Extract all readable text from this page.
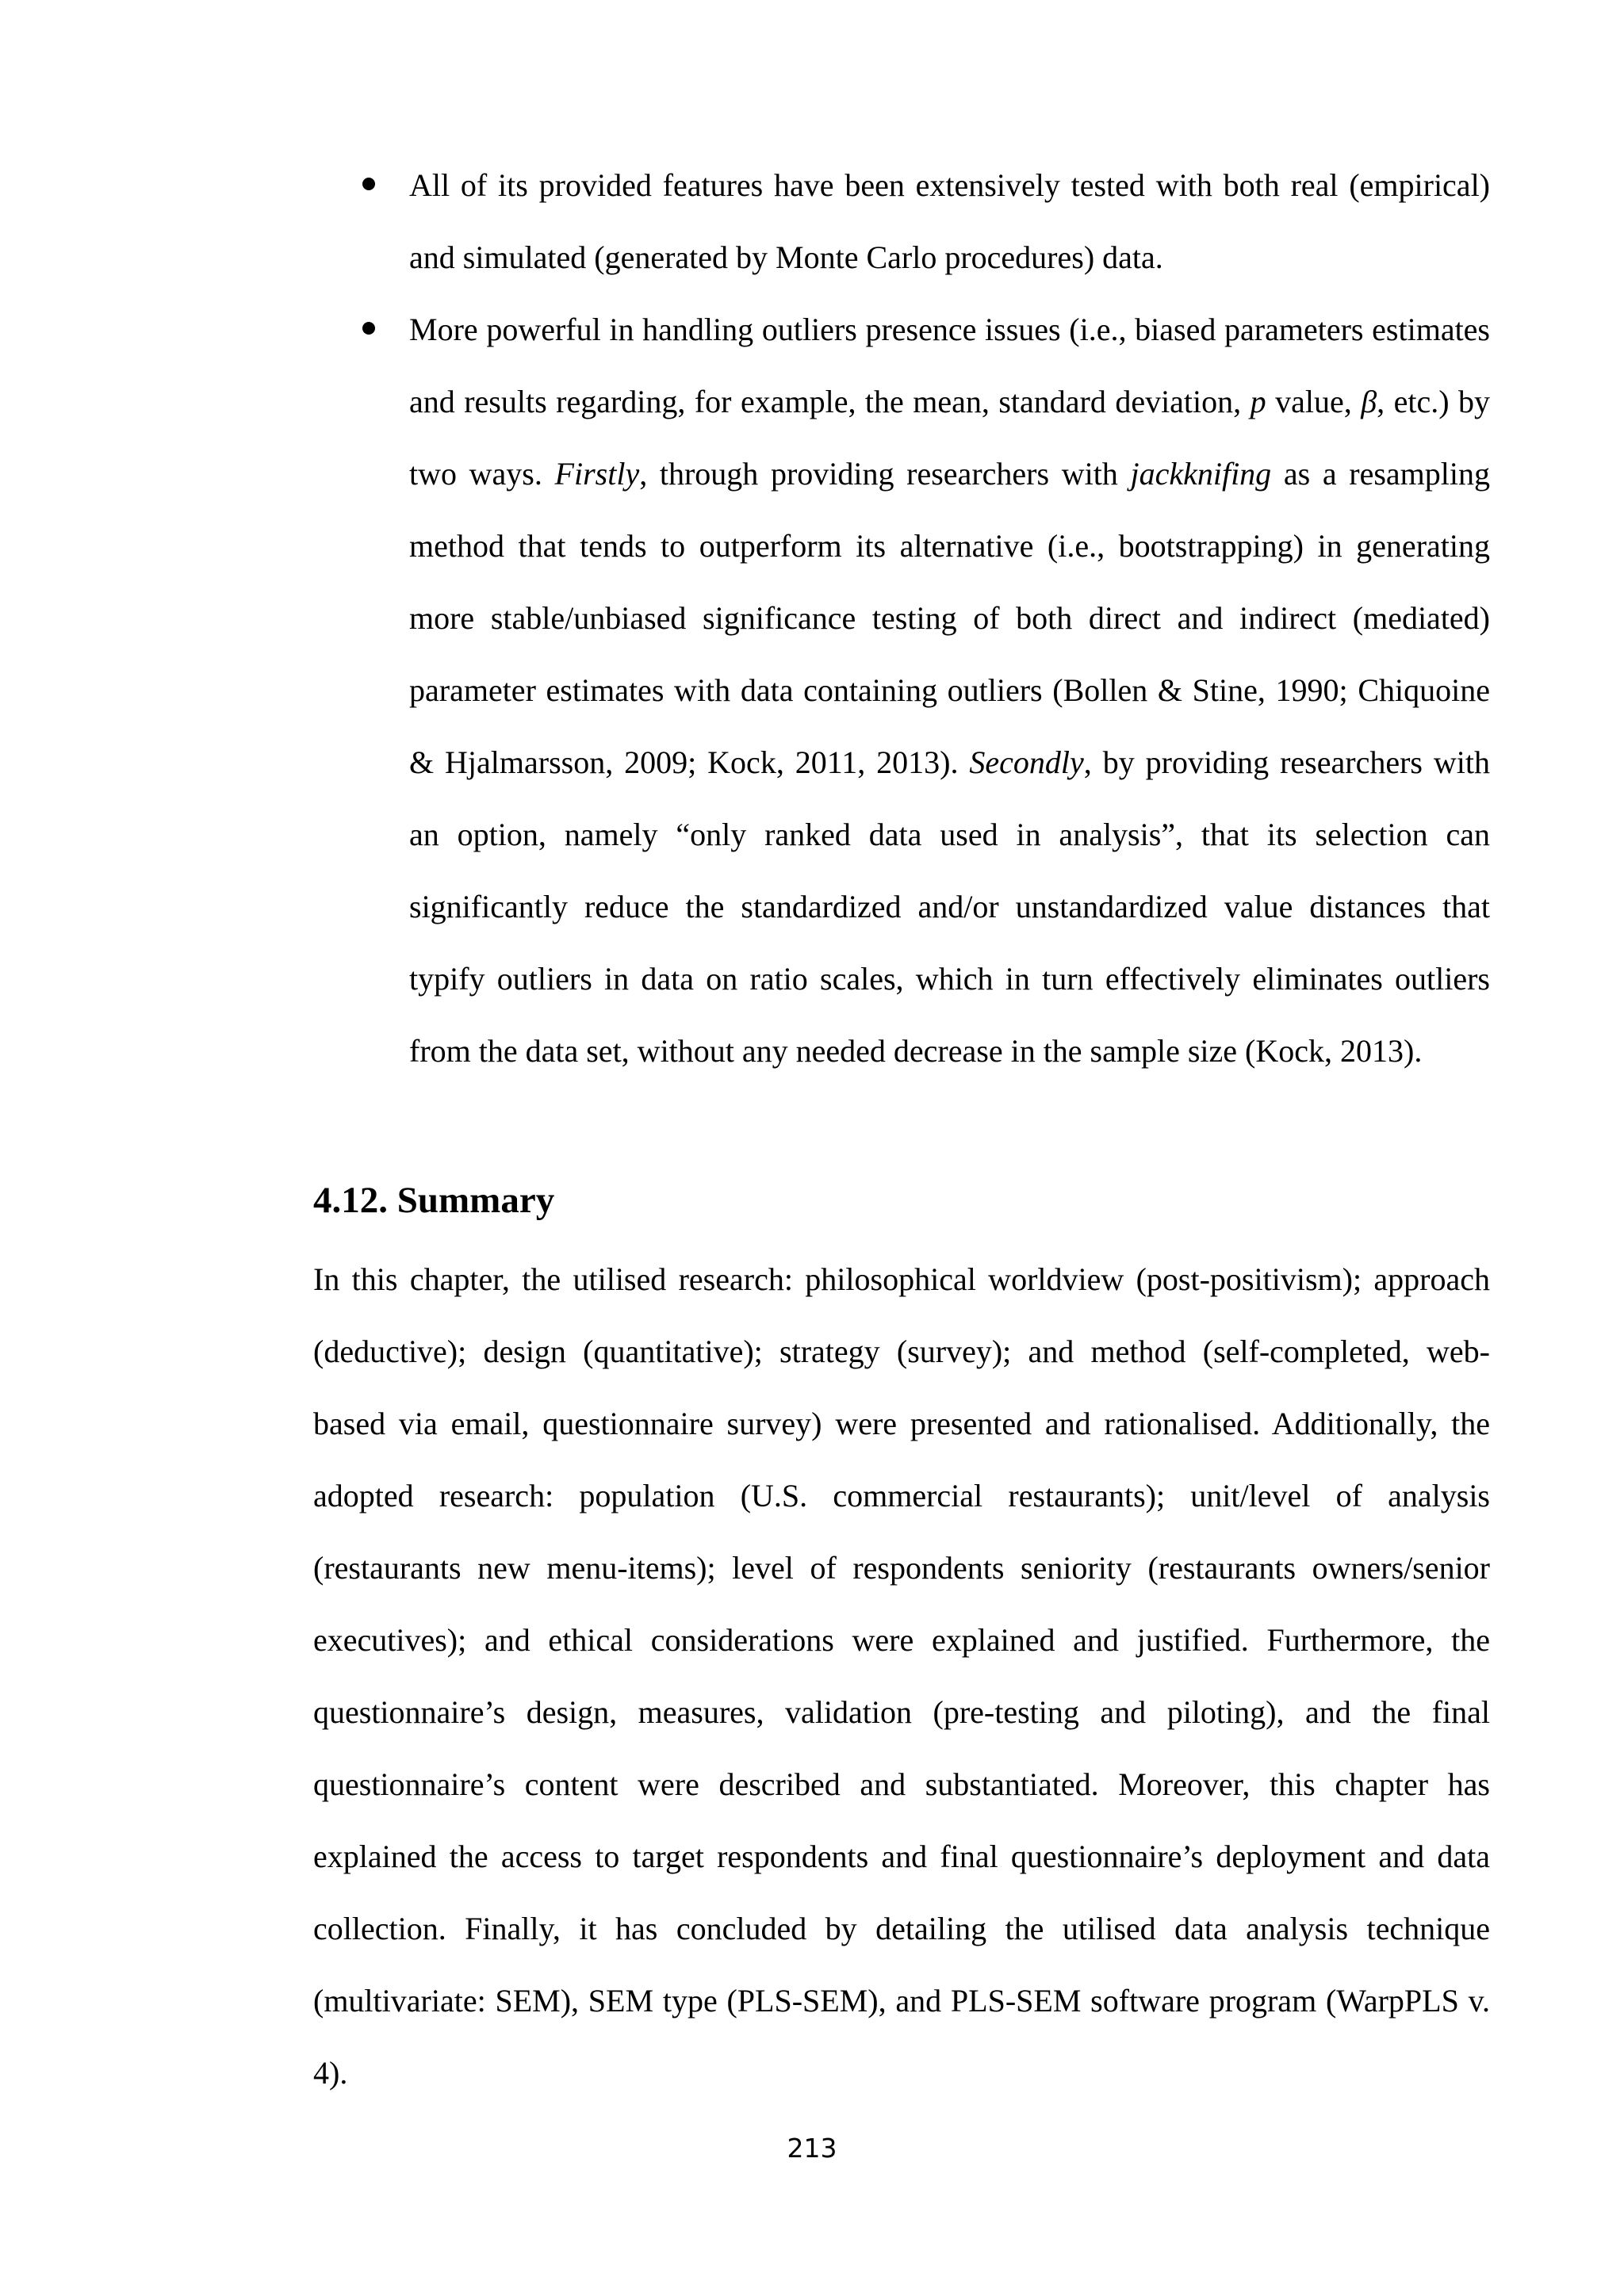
All of its provided features have been extensively tested with both real (empirical) and simulated (generated by Monte Carlo procedures) data.
More powerful in handling outliers presence issues (i.e., biased parameters estimates and results regarding, for example, the mean, standard deviation, p value, β, etc.) by two ways. Firstly, through providing researchers with jackknifing as a resampling method that tends to outperform its alternative (i.e., bootstrapping) in generating more stable/unbiased significance testing of both direct and indirect (mediated) parameter estimates with data containing outliers (Bollen & Stine, 1990; Chiquoine & Hjalmarsson, 2009; Kock, 2011, 2013). Secondly, by providing researchers with an option, namely “only ranked data used in analysis”, that its selection can significantly reduce the standardized and/or unstandardized value distances that typify outliers in data on ratio scales, which in turn effectively eliminates outliers from the data set, without any needed decrease in the sample size (Kock, 2013).
4.12. Summary

In this chapter, the utilised research: philosophical worldview (post-positivism); approach (deductive); design (quantitative); strategy (survey); and method (self-completed, web-based via email, questionnaire survey) were presented and rationalised. Additionally, the adopted research: population (U.S. commercial restaurants); unit/level of analysis (restaurants new menu-items); level of respondents seniority (restaurants owners/senior executives); and ethical considerations were explained and justified. Furthermore, the questionnaire’s design, measures, validation (pre-testing and piloting), and the final questionnaire’s content were described and substantiated. Moreover, this chapter has explained the access to target respondents and final questionnaire’s deployment and data collection. Finally, it has concluded by detailing the utilised data analysis technique (multivariate: SEM), SEM type (PLS-SEM), and PLS-SEM software program (WarpPLS v. 4).

213
